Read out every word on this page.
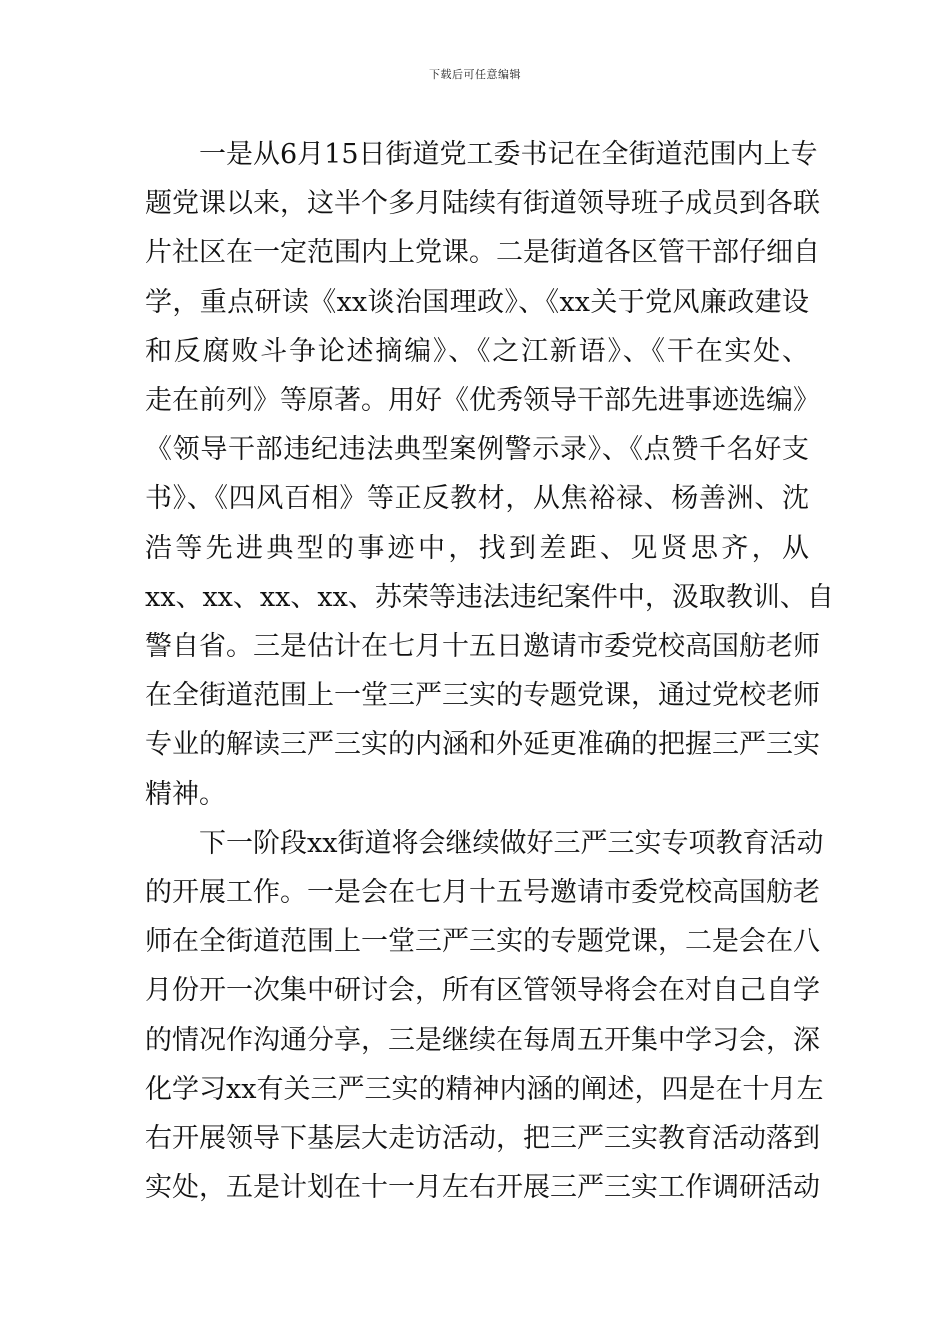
下载后可任意编辑
一是从6月15日街道党工委书记在全街道范围内上专
题党课以来，这半个多月陆续有街道领导班子成员到各联
片社区在一定范围内上党课。二是街道各区管干部仔细自
学，重点研读《xx谈治国理政》、《xx关于党风廉政建设
和反腐败斗争论述摘编》、《之江新语》、《干在实处、
走在前列》等原著。用好《优秀领导干部先进事迹选编》
《领导干部违纪违法典型案例警示录》、《点赞千名好支
书》、《四风百相》等正反教材，从焦裕禄、杨善洲、沈
浩等先进典型的事迹中，找到差距、见贤思齐，从
xx、xx、xx、xx、苏荣等违法违纪案件中，汲取教训、自
警自省。三是估计在七月十五日邀请市委党校高国舫老师
在全街道范围上一堂三严三实的专题党课，通过党校老师
专业的解读三严三实的内涵和外延更准确的把握三严三实
精神。
下一阶段xx街道将会继续做好三严三实专项教育活动
的开展工作。一是会在七月十五号邀请市委党校高国舫老
师在全街道范围上一堂三严三实的专题党课，二是会在八
月份开一次集中研讨会，所有区管领导将会在对自己自学
的情况作沟通分享，三是继续在每周五开集中学习会，深
化学习xx有关三严三实的精神内涵的阐述，四是在十月左
右开展领导下基层大走访活动，把三严三实教育活动落到
实处，五是计划在十一月左右开展三严三实工作调研活动
